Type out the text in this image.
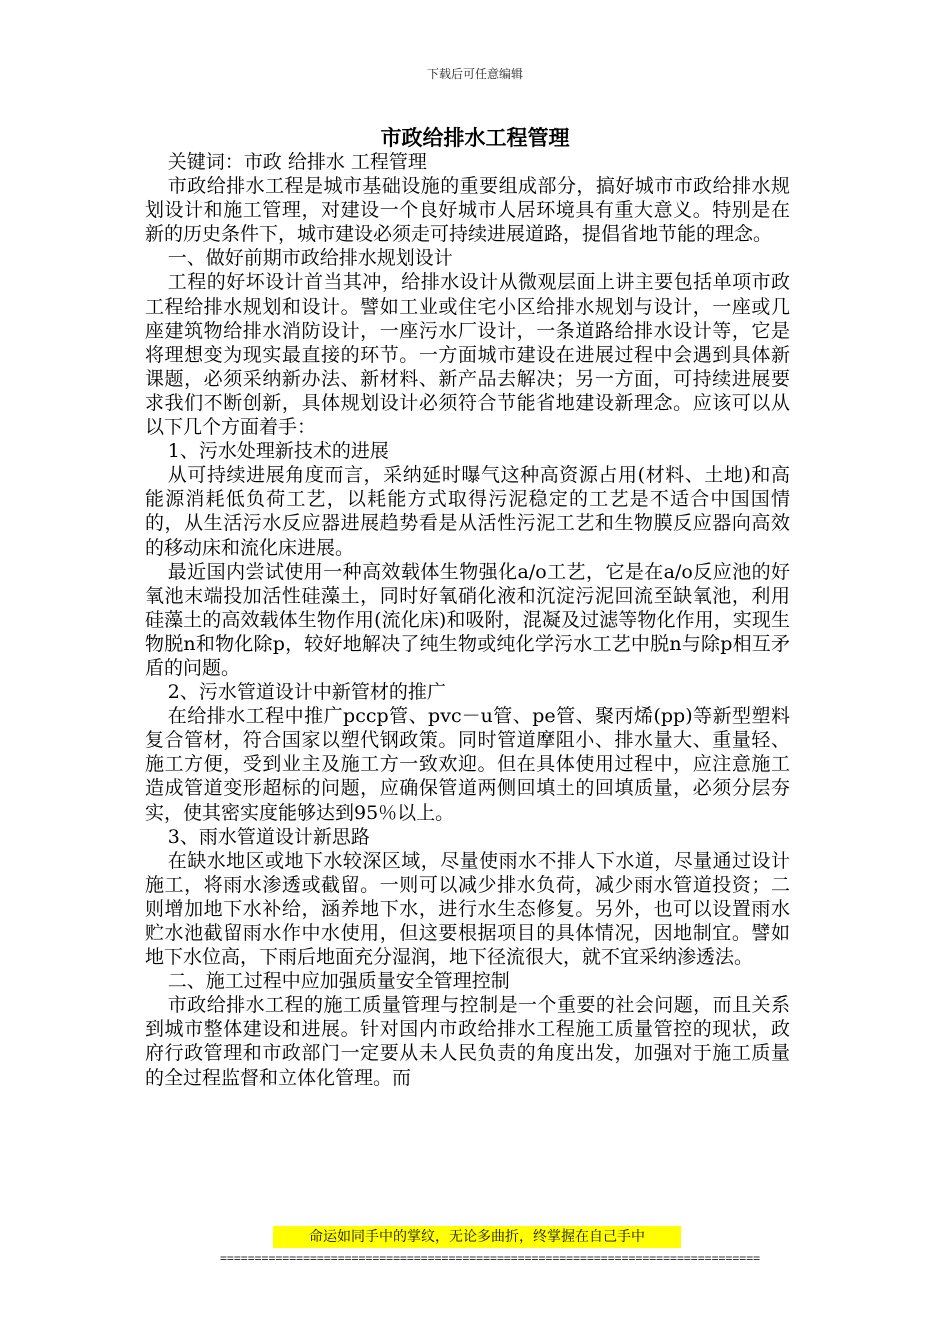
下载后可任意编辑
市政给排水工程管理

关键词：市政 给排水 工程管理

市政给排水工程是城市基础设施的重要组成部分，搞好城市市政给排水规划设计和施工管理，对建设一个良好城市人居环境具有重大意义。特别是在新的历史条件下，城市建设必须走可持续进展道路，提倡省地节能的理念。

一、做好前期市政给排水规划设计

工程的好坏设计首当其冲，给排水设计从微观层面上讲主要包括单项市政工程给排水规划和设计。譬如工业或住宅小区给排水规划与设计，一座或几座建筑物给排水消防设计，一座污水厂设计，一条道路给排水设计等，它是将理想变为现实最直接的环节。一方面城市建设在进展过程中会遇到具体新课题，必须采纳新办法、新材料、新产品去解决；另一方面，可持续进展要求我们不断创新，具体规划设计必须符合节能省地建设新理念。应该可以从以下几个方面着手：

1、污水处理新技术的进展

从可持续进展角度而言，采纳延时曝气这种高资源占用(材料、土地)和高能源消耗低负荷工艺，以耗能方式取得污泥稳定的工艺是不适合中国国情的，从生活污水反应器进展趋势看是从活性污泥工艺和生物膜反应器向高效的移动床和流化床进展。

最近国内尝试使用一种高效载体生物强化a/o工艺，它是在a/o反应池的好氧池末端投加活性硅藻土，同时好氧硝化液和沉淀污泥回流至缺氧池，利用硅藻土的高效载体生物作用(流化床)和吸附，混凝及过滤等物化作用，实现生物脱n和物化除p，较好地解决了纯生物或纯化学污水工艺中脱n与除p相互矛盾的问题。

2、污水管道设计中新管材的推广

在给排水工程中推广pccp管、pvc－u管、pe管、聚丙烯(pp)等新型塑料复合管材，符合国家以塑代钢政策。同时管道摩阻小、排水量大、重量轻、施工方便，受到业主及施工方一致欢迎。但在具体使用过程中，应注意施工造成管道变形超标的问题，应确保管道两侧回填土的回填质量，必须分层夯实，使其密实度能够达到95％以上。

3、雨水管道设计新思路

在缺水地区或地下水较深区域，尽量使雨水不排人下水道，尽量通过设计施工，将雨水渗透或截留。一则可以减少排水负荷，减少雨水管道投资；二则增加地下水补给，涵养地下水，进行水生态修复。另外，也可以设置雨水贮水池截留雨水作中水使用，但这要根据项目的具体情况，因地制宜。譬如地下水位高，下雨后地面充分湿润，地下径流很大，就不宜采纳渗透法。

二、施工过程中应加强质量安全管理控制

市政给排水工程的施工质量管理与控制是一个重要的社会问题，而且关系到城市整体建设和进展。针对国内市政给排水工程施工质量管控的现状，政府行政管理和市政部门一定要从未人民负责的角度出发，加强对于施工质量的全过程监督和立体化管理。而

命运如同手中的掌纹，无论多曲折，终掌握在自己手中
==============================================================================
